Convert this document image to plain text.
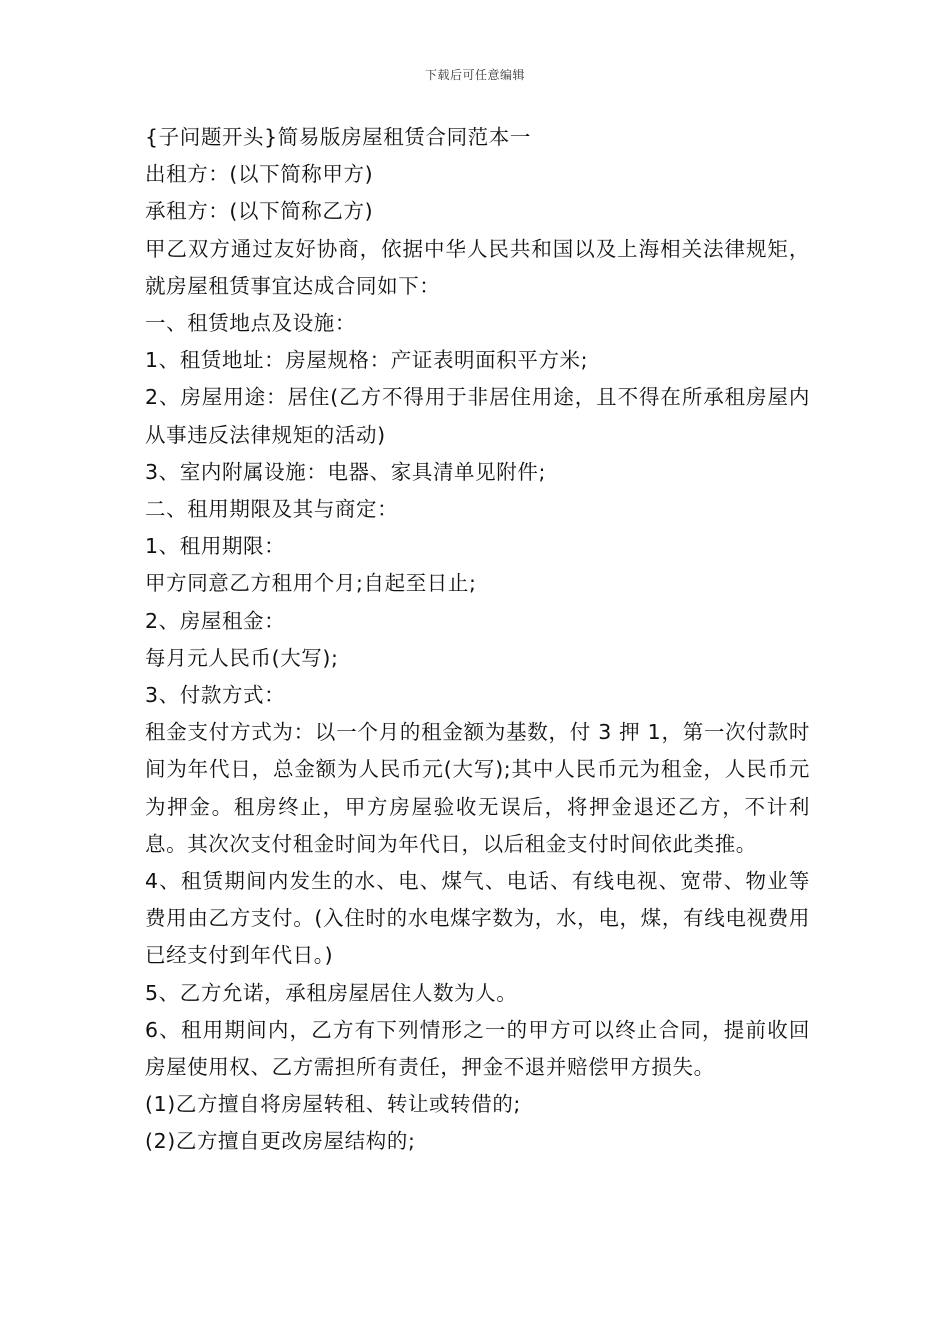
下载后可任意编辑

{子问题开头}简易版房屋租赁合同范本一

出租方：(以下简称甲方)

承租方：(以下简称乙方)

甲乙双方通过友好协商，依据中华人民共和国以及上海相关法律规矩，就房屋租赁事宜达成合同如下：

一、租赁地点及设施：

1、租赁地址：房屋规格：产证表明面积平方米;

2、房屋用途：居住(乙方不得用于非居住用途，且不得在所承租房屋内从事违反法律规矩的活动)

3、室内附属设施：电器、家具清单见附件;

二、租用期限及其与商定：

1、租用期限：

甲方同意乙方租用个月;自起至日止;

2、房屋租金：

每月元人民币(大写);

3、付款方式：

租金支付方式为：以一个月的租金额为基数，付 3 押 1，第一次付款时间为年代日，总金额为人民币元(大写);其中人民币元为租金，人民币元为押金。租房终止，甲方房屋验收无误后，将押金退还乙方，不计利息。其次次支付租金时间为年代日，以后租金支付时间依此类推。

4、租赁期间内发生的水、电、煤气、电话、有线电视、宽带、物业等费用由乙方支付。(入住时的水电煤字数为，水，电，煤，有线电视费用已经支付到年代日。)

5、乙方允诺，承租房屋居住人数为人。

6、租用期间内，乙方有下列情形之一的甲方可以终止合同，提前收回房屋使用权、乙方需担所有责任，押金不退并赔偿甲方损失。

(1)乙方擅自将房屋转租、转让或转借的;

(2)乙方擅自更改房屋结构的;
